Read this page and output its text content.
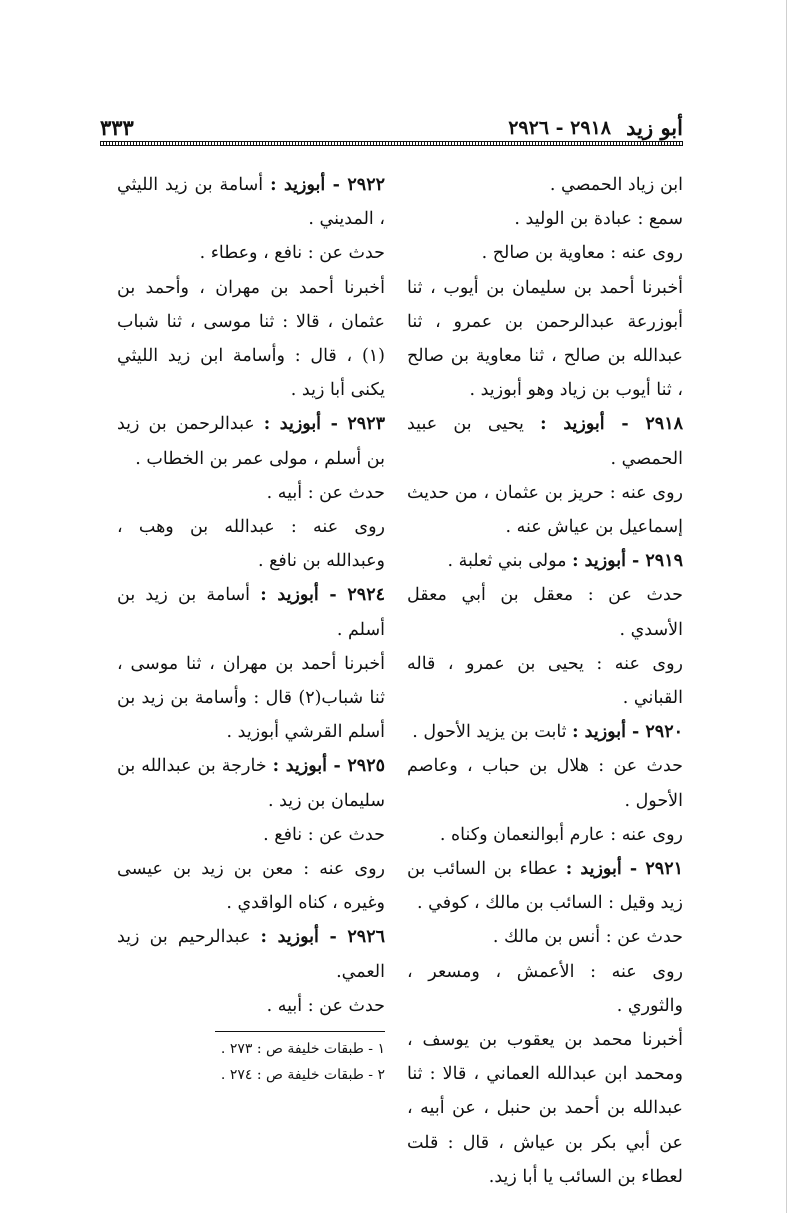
أبو زيد
٢٩١٨ - ٢٩٢٦
٣٣٣

ابن زياد الحمصي .

سمع : عبادة بن الوليد .

روى عنه : معاوية بن صالح .

أخبرنا أحمد بن سليمان بن أيوب ، ثنا أبوزرعة عبدالرحمن بن عمرو ، ثنا عبدالله بن صالح ، ثنا معاوية بن صالح ، ثنا أيوب بن زياد وهو أبوزيد .

٢٩١٨ - أبوزيد : يحيى بن عبيد الحمصي .

روى عنه : حريز بن عثمان ، من حديث إسماعيل بن عياش عنه .

٢٩١٩ - أبوزيد : مولى بني ثعلبة .

حدث عن : معقل بن أبي معقل الأسدي .

روى عنه : يحيى بن عمرو ، قاله القباني .

٢٩٢٠ - أبوزيد : ثابت بن يزيد الأحول .

حدث عن : هلال بن حباب ، وعاصم الأحول .

روى عنه : عارم أبوالنعمان وكناه .

٢٩٢١ - أبوزيد : عطاء بن السائب بن زيد وقيل : السائب بن مالك ، كوفي .

حدث عن : أنس بن مالك .

روى عنه : الأعمش ، ومسعر ، والثوري .

أخبرنا محمد بن يعقوب بن يوسف ، ومحمد ابن عبدالله العماني ، قالا : ثنا عبدالله بن أحمد بن حنبل ، عن أبيه ، عن أبي بكر بن عياش ، قال : قلت لعطاء بن السائب يا أبا زيد.

٢٩٢٢ - أبوزيد : أسامة بن زيد الليثي ، المديني .

حدث عن : نافع ، وعطاء .

أخبرنا أحمد بن مهران ، وأحمد بن عثمان ، قالا : ثنا موسى ، ثنا شباب (١) ، قال : وأسامة ابن زيد الليثي يكنى أبا زيد .

٢٩٢٣ - أبوزيد : عبدالرحمن بن زيد بن أسلم ، مولى عمر بن الخطاب .

حدث عن : أبيه .

روى عنه : عبدالله بن وهب ، وعبدالله بن نافع .

٢٩٢٤ - أبوزيد : أسامة بن زيد بن أسلم .

أخبرنا أحمد بن مهران ، ثنا موسى ، ثنا شباب(٢) قال : وأسامة بن زيد بن أسلم القرشي أبوزيد .

٢٩٢٥ - أبوزيد : خارجة بن عبدالله بن سليمان بن زيد .

حدث عن : نافع .

روى عنه : معن بن زيد بن عيسى وغيره ، كناه الواقدي .

٢٩٢٦ - أبوزيد : عبدالرحيم بن زيد العمي.

حدث عن : أبيه .

١ - طبقات خليفة ص : ٢٧٣ .
٢ - طبقات خليفة ص : ٢٧٤ .
